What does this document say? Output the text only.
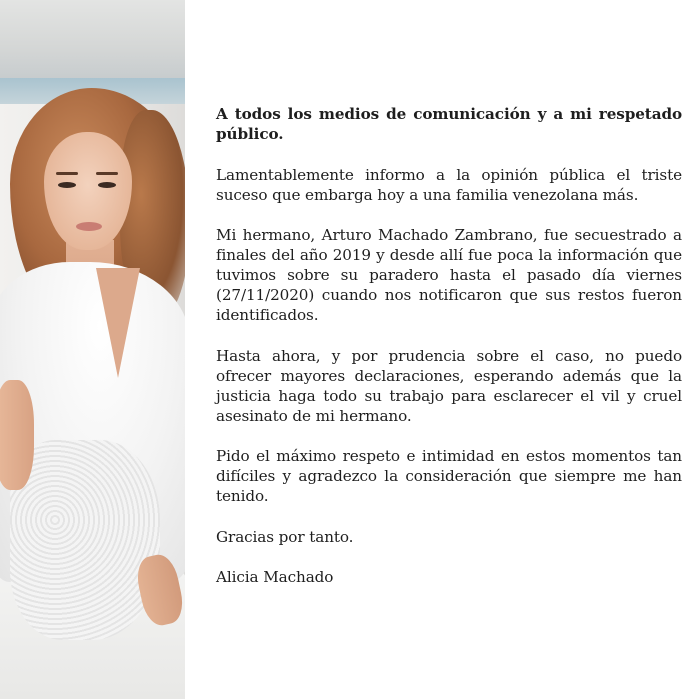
A todos los medios de comunicación y a mi respetado público.

Lamentablemente informo a la opinión pública el triste suceso que embarga hoy a una familia venezolana más.

Mi hermano, Arturo Machado Zambrano, fue secuestrado a finales del año 2019 y desde allí fue poca la información que tuvimos sobre su paradero hasta el pasado día viernes (27/11/2020) cuando nos notificaron que sus restos fueron identificados.

Hasta ahora, y por prudencia sobre el caso, no puedo ofrecer mayores declaraciones, esperando además que la justicia haga todo su trabajo para esclarecer el vil y cruel asesinato de mi hermano.

Pido el máximo respeto e intimidad en estos momentos tan difíciles y agradezco la consideración que siempre me han tenido.

Gracias por tanto.

Alicia Machado
